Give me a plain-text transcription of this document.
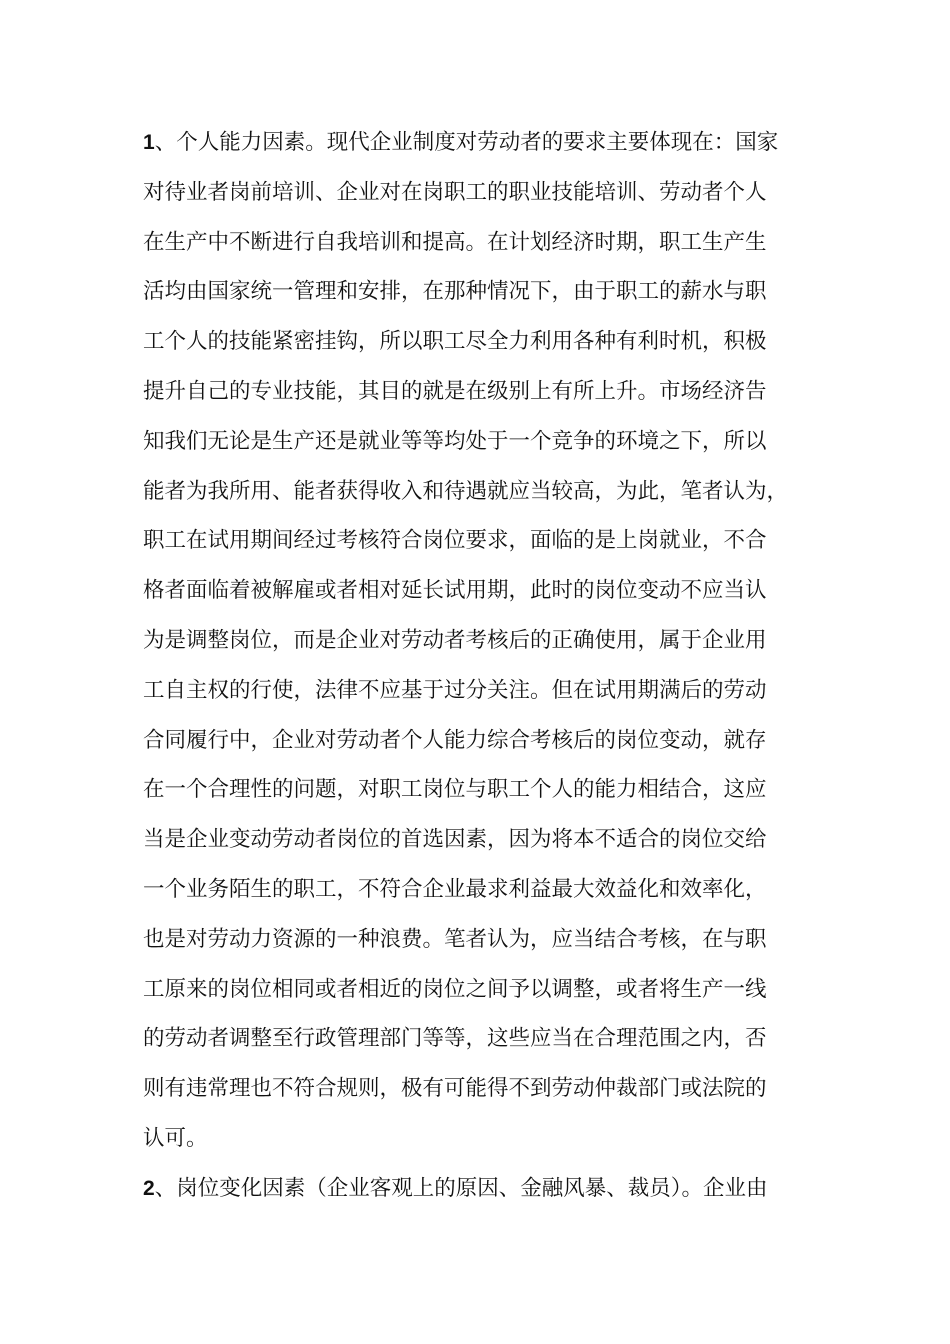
1、个人能力因素。现代企业制度对劳动者的要求主要体现在：国家
对待业者岗前培训、企业对在岗职工的职业技能培训、劳动者个人
在生产中不断进行自我培训和提高。在计划经济时期，职工生产生
活均由国家统一管理和安排，在那种情况下，由于职工的薪水与职
工个人的技能紧密挂钩，所以职工尽全力利用各种有利时机，积极
提升自己的专业技能，其目的就是在级别上有所上升。市场经济告
知我们无论是生产还是就业等等均处于一个竞争的环境之下，所以
能者为我所用、能者获得收入和待遇就应当较高，为此，笔者认为，
职工在试用期间经过考核符合岗位要求，面临的是上岗就业，不合
格者面临着被解雇或者相对延长试用期，此时的岗位变动不应当认
为是调整岗位，而是企业对劳动者考核后的正确使用，属于企业用
工自主权的行使，法律不应基于过分关注。但在试用期满后的劳动
合同履行中，企业对劳动者个人能力综合考核后的岗位变动，就存
在一个合理性的问题，对职工岗位与职工个人的能力相结合，这应
当是企业变动劳动者岗位的首选因素，因为将本不适合的岗位交给
一个业务陌生的职工，不符合企业最求利益最大效益化和效率化，
也是对劳动力资源的一种浪费。笔者认为，应当结合考核，在与职
工原来的岗位相同或者相近的岗位之间予以调整，或者将生产一线
的劳动者调整至行政管理部门等等，这些应当在合理范围之内，否
则有违常理也不符合规则，极有可能得不到劳动仲裁部门或法院的
认可。
2、岗位变化因素（企业客观上的原因、金融风暴、裁员）。企业由
